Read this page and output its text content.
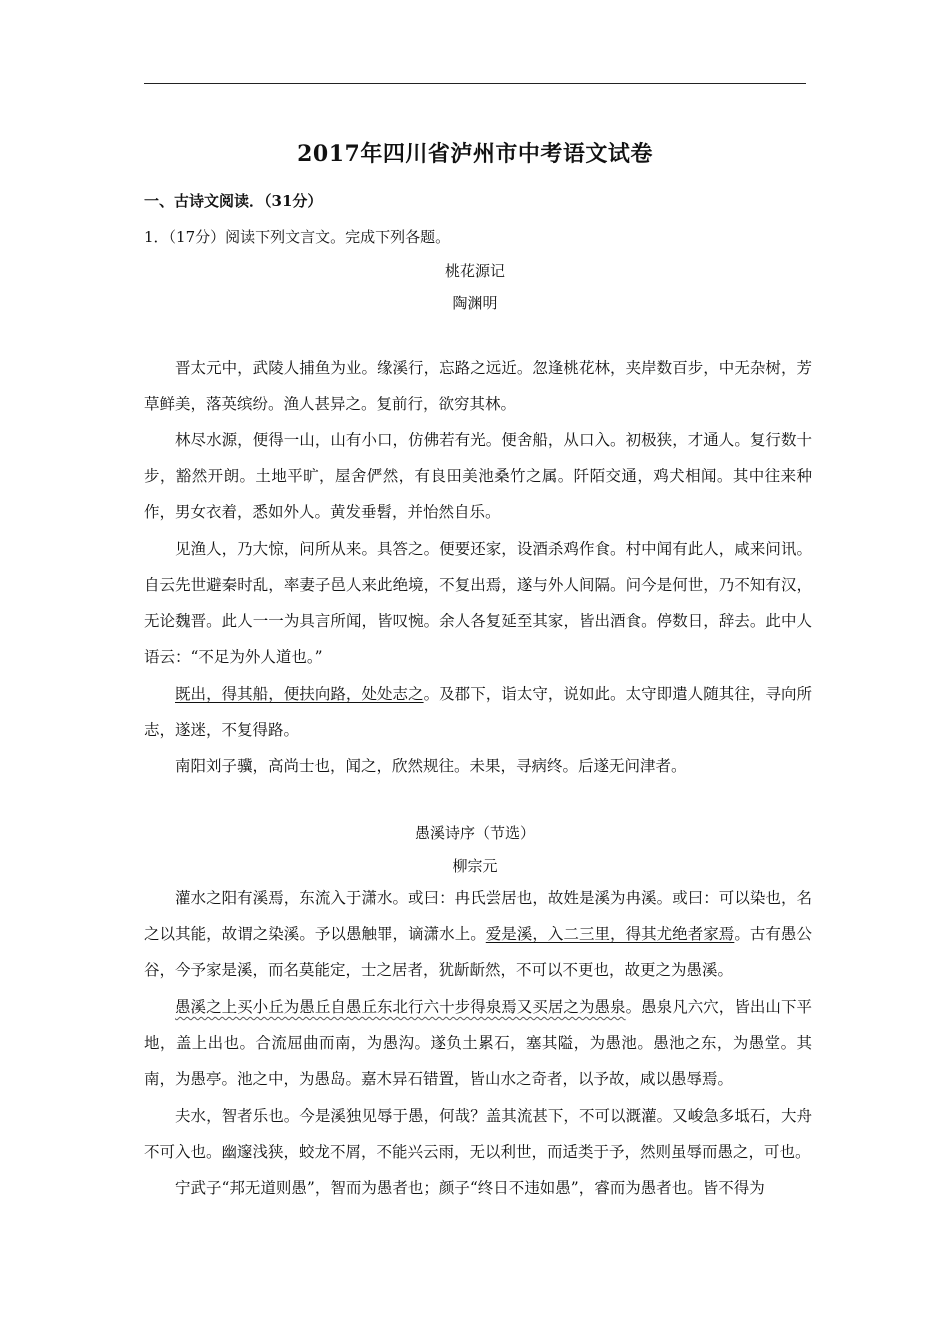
2017年四川省泸州市中考语文试卷
一、古诗文阅读．（31分）
1．（17分）阅读下列文言文。完成下列各题。
桃花源记
陶渊明
晋太元中，武陵人捕鱼为业。缘溪行，忘路之远近。忽逢桃花林，夹岸数百步，中无杂树，芳草鲜美，落英缤纷。渔人甚异之。复前行，欲穷其林。
林尽水源，便得一山，山有小口，仿佛若有光。便舍船，从口入。初极狭，才通人。复行数十步，豁然开朗。土地平旷，屋舍俨然，有良田美池桑竹之属。阡陌交通，鸡犬相闻。其中往来种作，男女衣着，悉如外人。黄发垂髫，并怡然自乐。
见渔人，乃大惊，问所从来。具答之。便要还家，设酒杀鸡作食。村中闻有此人，咸来问讯。自云先世避秦时乱，率妻子邑人来此绝境，不复出焉，遂与外人间隔。问今是何世，乃不知有汉，无论魏晋。此人一一为具言所闻，皆叹惋。余人各复延至其家，皆出酒食。停数日，辞去。此中人语云：“不足为外人道也。”
既出，得其船，便扶向路，处处志之。及郡下，诣太守，说如此。太守即遣人随其往，寻向所志，遂迷，不复得路。
南阳刘子骥，高尚士也，闻之，欣然规往。未果，寻病终。后遂无问津者。
愚溪诗序（节选）
柳宗元
灌水之阳有溪焉，东流入于潇水。或曰：冉氏尝居也，故姓是溪为冉溪。或曰：可以染也，名之以其能，故谓之染溪。予以愚触罪，谪潇水上。爱是溪，入二三里，得其尤绝者家焉。古有愚公谷，今予家是溪，而名莫能定，士之居者，犹龂龂然，不可以不更也，故更之为愚溪。
愚溪之上买小丘为愚丘自愚丘东北行六十步得泉焉又买居之为愚泉。愚泉凡六穴，皆出山下平地，盖上出也。合流屈曲而南，为愚沟。遂负土累石，塞其隘，为愚池。愚池之东，为愚堂。其南，为愚亭。池之中，为愚岛。嘉木异石错置，皆山水之奇者，以予故，咸以愚辱焉。
夫水，智者乐也。今是溪独见辱于愚，何哉？盖其流甚下，不可以溉灌。又峻急多坻石，大舟不可入也。幽邃浅狭，蛟龙不屑，不能兴云雨，无以利世，而适类于予，然则虽辱而愚之，可也。
宁武子“邦无道则愚”，智而为愚者也；颜子“终日不违如愚”，睿而为愚者也。皆不得为
